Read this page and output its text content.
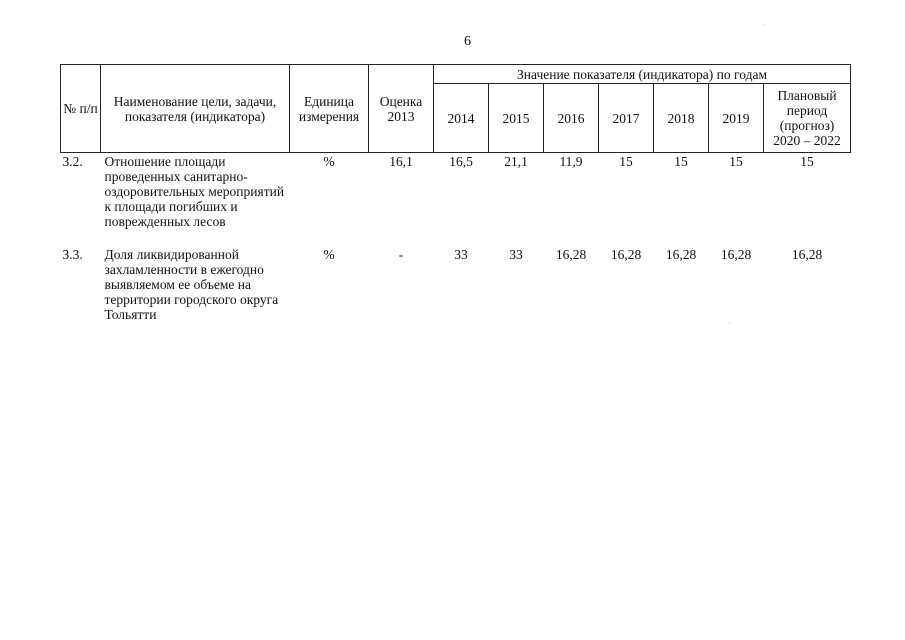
6
№ п/п	Наименование цели, задачи, показателя (индикатора)	Единица измерения	Оценка 2013	Значение показателя (индикатора) по годам						
				2014	2015	2016	2017	2018	2019	Плановый период (прогноз) 2020 – 2022
3.2.	Отношение площади проведенных санитарно-оздоровительных мероприятий к площади погибших и поврежденных лесов	%	16,1	16,5	21,1	11,9	15	15	15	15
3.3.	Доля ликвидированной захламленности в ежегодно выявляемом ее объеме на территории городского округа Тольятти	%	-	33	33	16,28	16,28	16,28	16,28	16,28
·
·
